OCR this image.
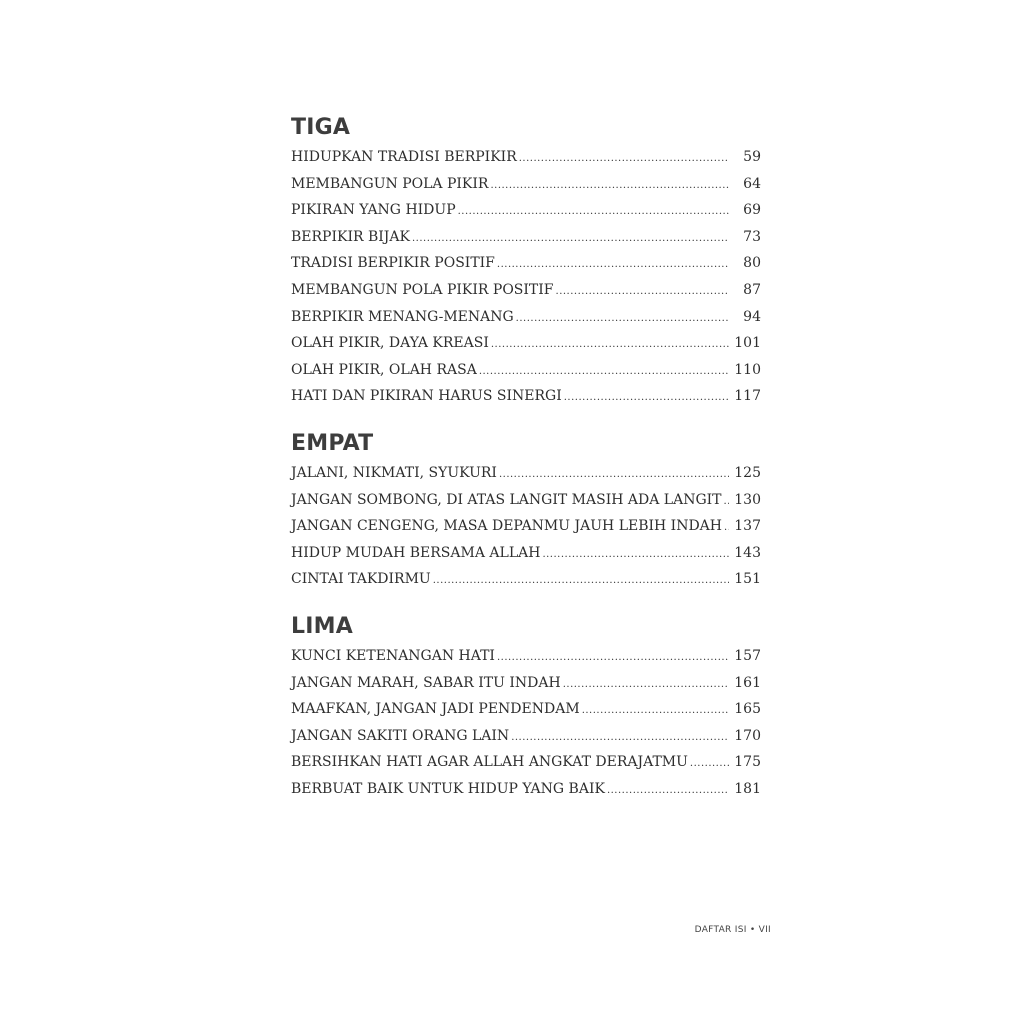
TIGA
HIDUPKAN TRADISI BERPIKIR .....	59
MEMBANGUN POLA PIKIR .....	64
PIKIRAN YANG HIDUP .....	69
BERPIKIR BIJAK .....	73
TRADISI BERPIKIR POSITIF .....	80
MEMBANGUN POLA PIKIR POSITIF .....	87
BERPIKIR MENANG-MENANG .....	94
OLAH PIKIR, DAYA KREASI .....	101
OLAH PIKIR, OLAH RASA .....	110
HATI DAN PIKIRAN HARUS SINERGI .....	117
EMPAT
JALANI, NIKMATI, SYUKURI .....	125
JANGAN SOMBONG, DI ATAS LANGIT MASIH ADA LANGIT ..... 130
JANGAN CENGENG, MASA DEPANMU JAUH LEBIH INDAH ..... 137
HIDUP MUDAH BERSAMA ALLAH .....	143
CINTAI TAKDIRMU .....	151
LIMA
KUNCI KETENANGAN HATI .....	157
JANGAN MARAH, SABAR ITU INDAH .....	161
MAAFKAN, JANGAN JADI PENDENDAM .....	165
JANGAN SAKITI ORANG LAIN .....	170
BERSIHKAN HATI AGAR ALLAH ANGKAT DERAJATMU .....	175
BERBUAT BAIK UNTUK HIDUP YANG BAIK .....	181
DAFTAR ISI • VII
